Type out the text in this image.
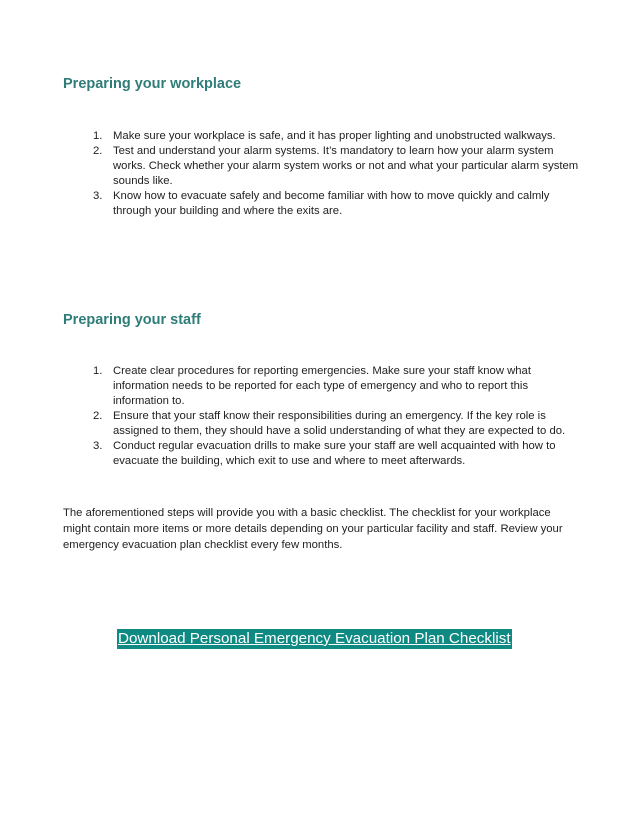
Preparing your workplace
1. Make sure your workplace is safe, and it has proper lighting and unobstructed walkways.
2. Test and understand your alarm systems. It’s mandatory to learn how your alarm system works. Check whether your alarm system works or not and what your particular alarm system sounds like.
3. Know how to evacuate safely and become familiar with how to move quickly and calmly through your building and where the exits are.
Preparing your staff
1. Create clear procedures for reporting emergencies. Make sure your staff know what information needs to be reported for each type of emergency and who to report this information to.
2. Ensure that your staff know their responsibilities during an emergency. If the key role is assigned to them, they should have a solid understanding of what they are expected to do.
3. Conduct regular evacuation drills to make sure your staff are well acquainted with how to evacuate the building, which exit to use and where to meet afterwards.

The aforementioned steps will provide you with a basic checklist. The checklist for your workplace might contain more items or more details depending on your particular facility and staff. Review your emergency evacuation plan checklist every few months.

Download Personal Emergency Evacuation Plan Checklist
